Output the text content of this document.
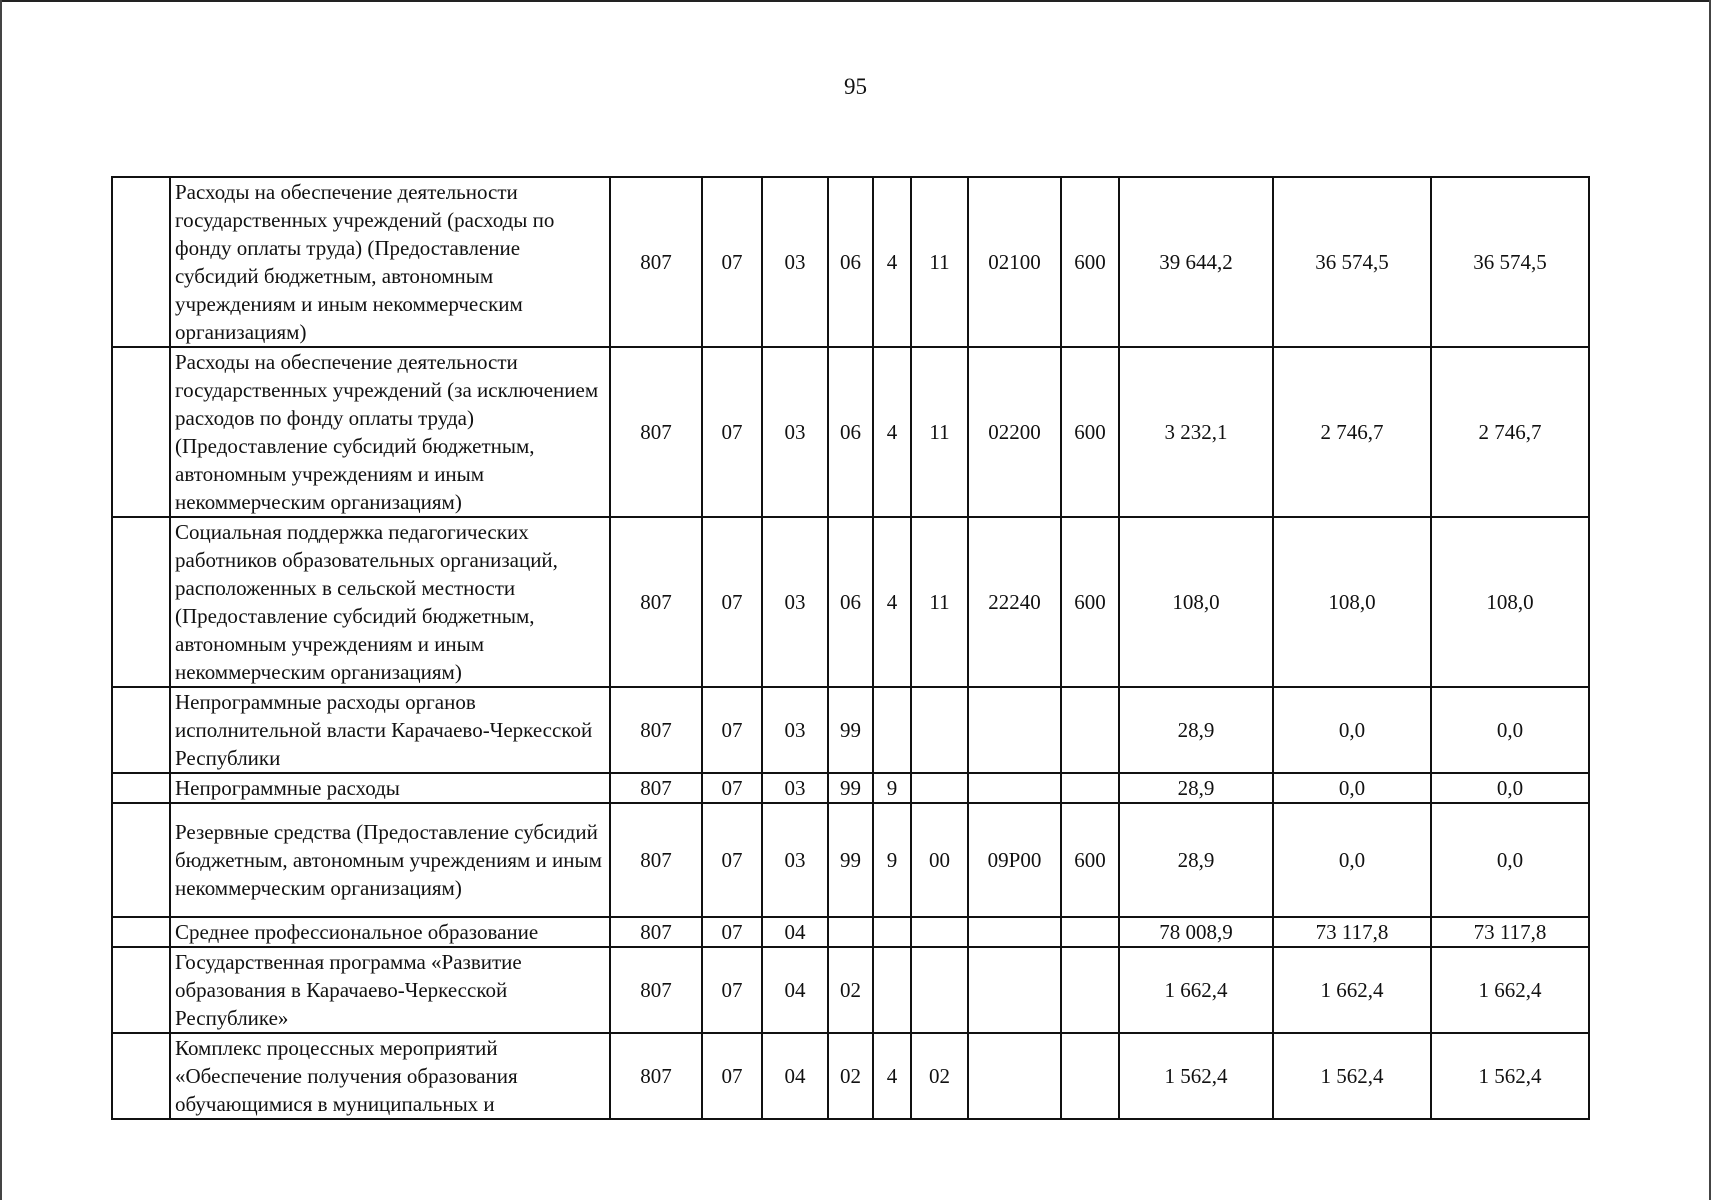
95
	Расходы на обеспечение деятельности государственных учреждений (расходы по фонду оплаты труда) (Предоставление субсидий бюджетным, автономным учреждениям и иным некоммерческим организациям)	807	07	03	06	4	11	02100	600	39 644,2	36 574,5	36 574,5
	Расходы на обеспечение деятельности государственных учреждений (за исключением расходов по фонду оплаты труда) (Предоставление субсидий бюджетным, автономным учреждениям и иным некоммерческим организациям)	807	07	03	06	4	11	02200	600	3 232,1	2 746,7	2 746,7
	Социальная поддержка педагогических работников образовательных организаций, расположенных в сельской местности (Предоставление субсидий бюджетным, автономным учреждениям и иным некоммерческим организациям)	807	07	03	06	4	11	22240	600	108,0	108,0	108,0
	Непрограммные расходы органов исполнительной власти Карачаево-Черкесской Республики	807	07	03	99					28,9	0,0	0,0
	Непрограммные расходы	807	07	03	99	9				28,9	0,0	0,0
	Резервные средства (Предоставление субсидий бюджетным, автономным учреждениям и иным некоммерческим организациям)	807	07	03	99	9	00	09Р00	600	28,9	0,0	0,0
	Среднее профессиональное образование	807	07	04						78 008,9	73 117,8	73 117,8
	Государственная программа «Развитие образования в Карачаево-Черкесской Республике»	807	07	04	02					1 662,4	1 662,4	1 662,4
	Комплекс процессных мероприятий «Обеспечение получения образования обучающимися в муниципальных и	807	07	04	02	4	02			1 562,4	1 562,4	1 562,4
